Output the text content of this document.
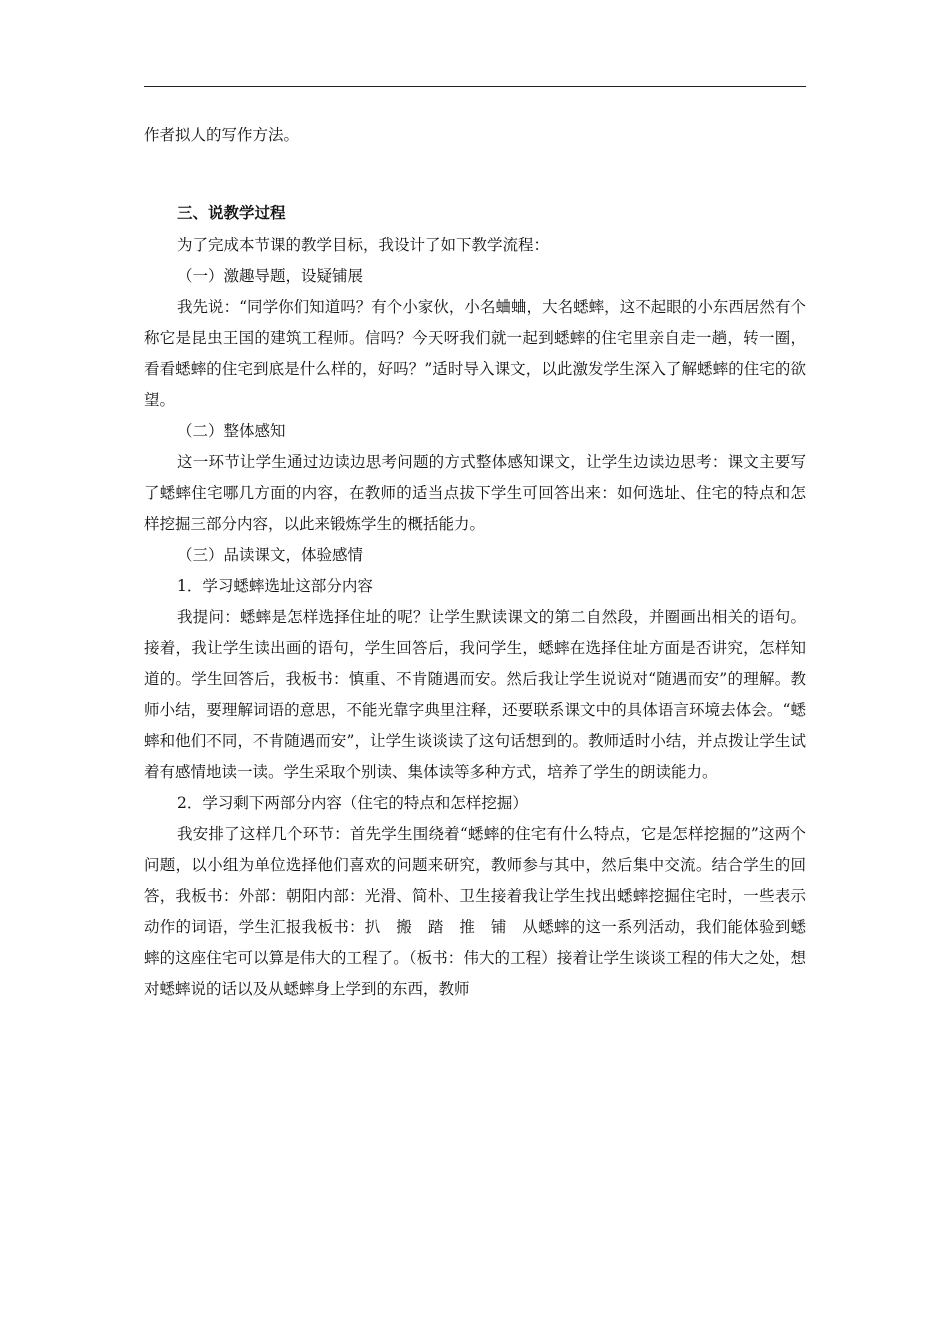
作者拟人的写作方法。

三、说教学过程

为了完成本节课的教学目标，我设计了如下教学流程：

（一）激趣导题，设疑铺展

我先说：“同学你们知道吗？有个小家伙，小名蛐蛐，大名蟋蟀，这不起眼的小东西居然有个称它是昆虫王国的建筑工程师。信吗？今天呀我们就一起到蟋蟀的住宅里亲自走一趟，转一圈，看看蟋蟀的住宅到底是什么样的，好吗？”适时导入课文，以此激发学生深入了解蟋蟀的住宅的欲望。

（二）整体感知

这一环节让学生通过边读边思考问题的方式整体感知课文，让学生边读边思考：课文主要写了蟋蟀住宅哪几方面的内容，在教师的适当点拔下学生可回答出来：如何选址、住宅的特点和怎样挖掘三部分内容，以此来锻炼学生的概括能力。

（三）品读课文，体验感情

1．学习蟋蟀选址这部分内容

我提问：蟋蟀是怎样选择住址的呢？让学生默读课文的第二自然段，并圈画出相关的语句。接着，我让学生读出画的语句，学生回答后，我问学生，蟋蟀在选择住址方面是否讲究，怎样知道的。学生回答后，我板书：慎重、不肯随遇而安。然后我让学生说说对“随遇而安”的理解。教师小结，要理解词语的意思，不能光靠字典里注释，还要联系课文中的具体语言环境去体会。“蟋蟀和他们不同，不肯随遇而安”，让学生谈谈读了这句话想到的。教师适时小结，并点拨让学生试着有感情地读一读。学生采取个别读、集体读等多种方式，培养了学生的朗读能力。

2．学习剩下两部分内容（住宅的特点和怎样挖掘）

我安排了这样几个环节：首先学生围绕着“蟋蟀的住宅有什么特点，它是怎样挖掘的”这两个问题，以小组为单位选择他们喜欢的问题来研究，教师参与其中，然后集中交流。结合学生的回答，我板书：外部：朝阳内部：光滑、简朴、卫生接着我让学生找出蟋蟀挖掘住宅时，一些表示动作的词语，学生汇报我板书：扒　搬　踏　推　铺　从蟋蟀的这一系列活动，我们能体验到蟋蟀的这座住宅可以算是伟大的工程了。（板书：伟大的工程）接着让学生谈谈工程的伟大之处，想对蟋蟀说的话以及从蟋蟀身上学到的东西，教师
